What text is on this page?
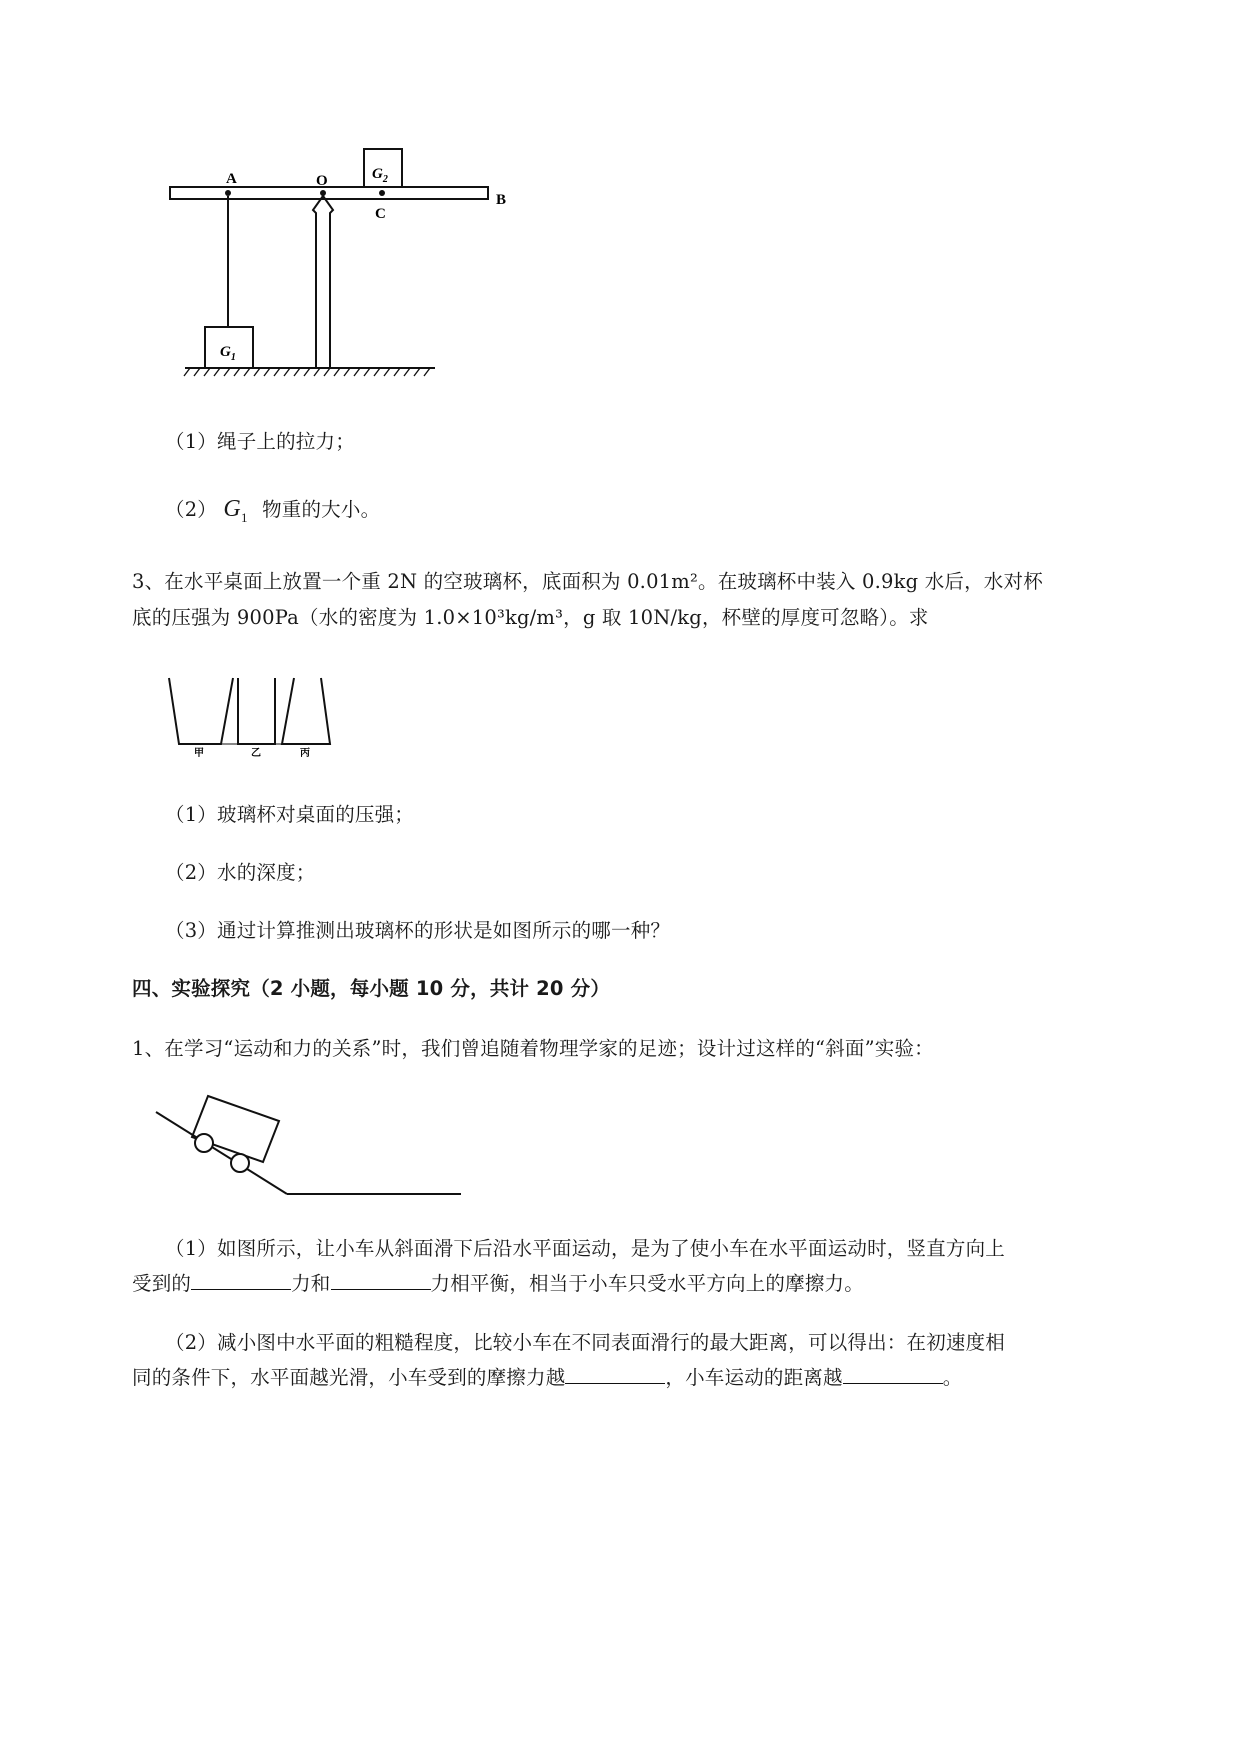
$G_2$
A	O
B
C
$G_1$
（1）绳子上的拉力；
（2） $G_1$ 物重的大小。
3、在水平桌面上放置一个重 2N 的空玻璃杯，底面积为 0.01m²。在玻璃杯中装入 0.9kg 水后，水对杯
底的压强为 900Pa（水的密度为 1.0×10³kg/m³，g 取 10N/kg，杯壁的厚度可忽略）。求
甲	乙	丙
（1）玻璃杯对桌面的压强；
（2）水的深度；
（3）通过计算推测出玻璃杯的形状是如图所示的哪一种？
四、实验探究（2 小题，每小题 10 分，共计 20 分）
1、在学习“运动和力的关系”时，我们曾追随着物理学家的足迹；设计过这样的“斜面”实验：
（1）如图所示，让小车从斜面滑下后沿水平面运动，是为了使小车在水平面运动时，竖直方向上
受到的	力和	力相平衡，相当于小车只受水平方向上的摩擦力。
（2）减小图中水平面的粗糙程度，比较小车在不同表面滑行的最大距离，可以得出：在初速度相
同的条件下，水平面越光滑，小车受到的摩擦力越	，小车运动的距离越	。
